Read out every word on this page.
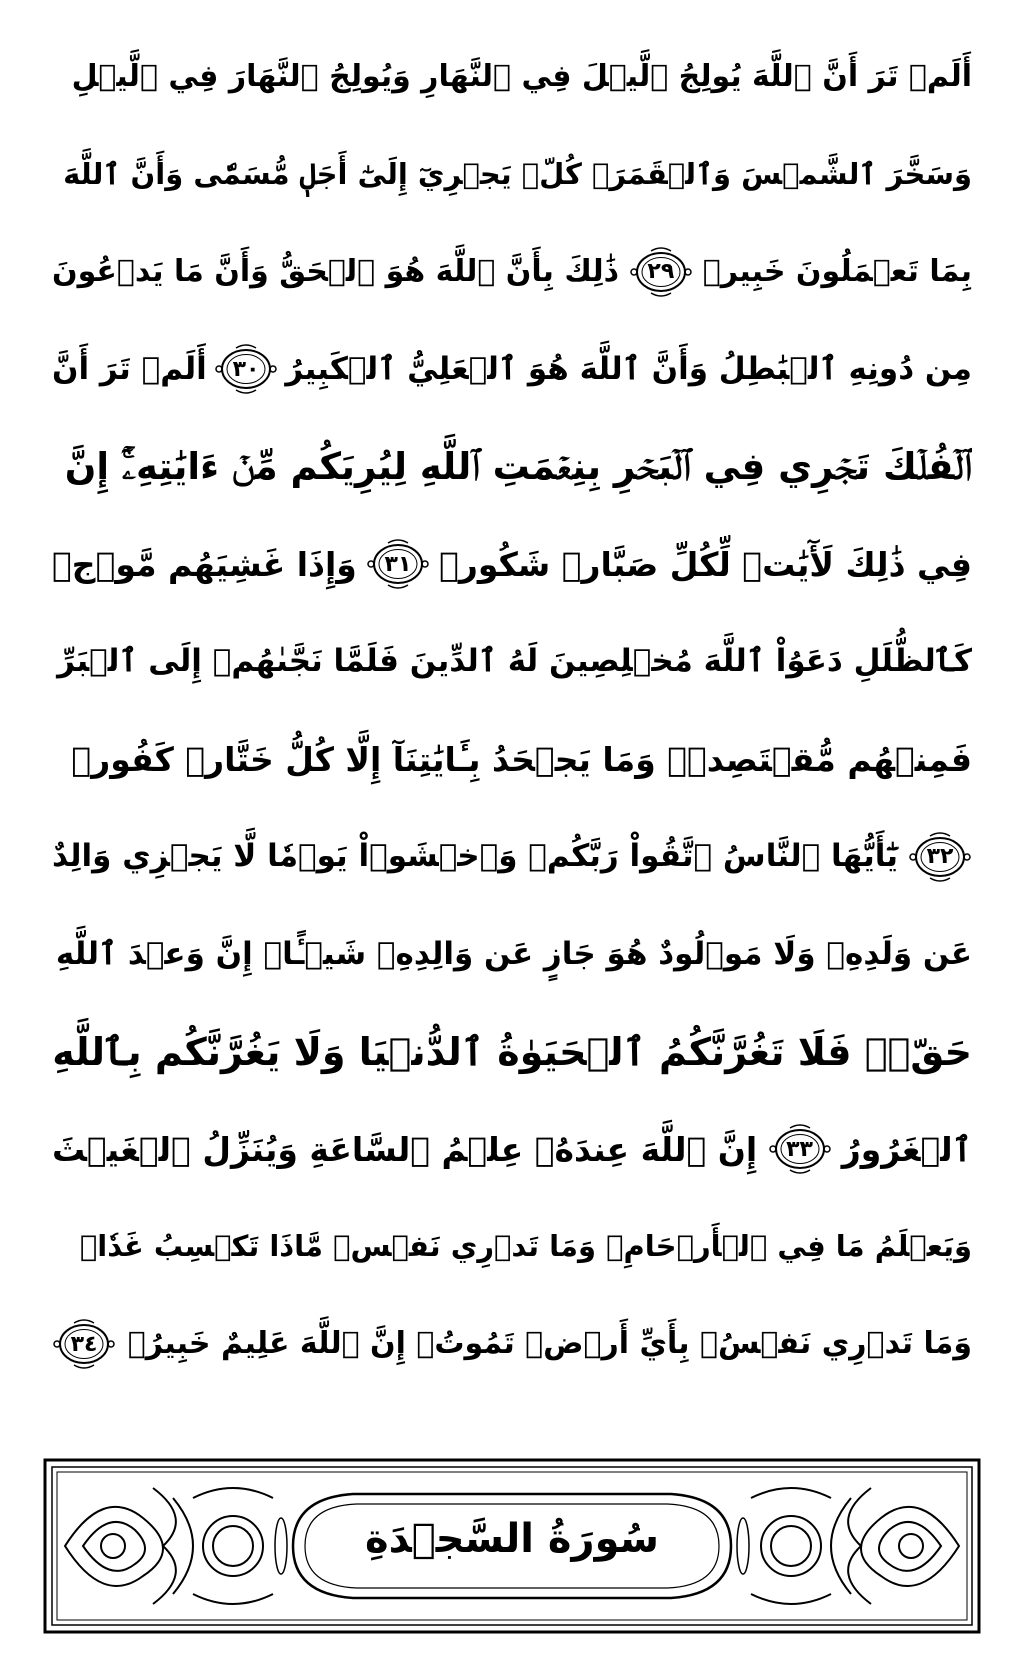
أَلَمۡ تَرَ أَنَّ ٱللَّهَ يُولِجُ ٱلَّيۡلَ فِي ٱلنَّهَارِ وَيُولِجُ ٱلنَّهَارَ فِي ٱلَّيۡلِ
وَسَخَّرَ ٱلشَّمۡسَ وَٱلۡقَمَرَۖ كُلّٞ يَجۡرِيٓ إِلَىٰٓ أَجَلٖ مُّسَمّٗى وَأَنَّ ٱللَّهَ
بِمَا تَعۡمَلُونَ خَبِيرٞ
٢٩
ذَٰلِكَ بِأَنَّ ٱللَّهَ هُوَ ٱلۡحَقُّ وَأَنَّ مَا يَدۡعُونَ
مِن دُونِهِ ٱلۡبَٰطِلُ وَأَنَّ ٱللَّهَ هُوَ ٱلۡعَلِيُّ ٱلۡكَبِيرُ
٣٠
أَلَمۡ تَرَ أَنَّ
ٱلۡفُلۡكَ تَجۡرِي فِي ٱلۡبَحۡرِ بِنِعۡمَتِ ٱللَّهِ لِيُرِيَكُم مِّنۡ ءَايَٰتِهِۦٓۚ إِنَّ
فِي ذَٰلِكَ لَأٓيَٰتٖ لِّكُلِّ صَبَّارٖ شَكُورٖ
٣١
وَإِذَا غَشِيَهُم مَّوۡجٞ
كَٱلظُّلَلِ دَعَوُاْ ٱللَّهَ مُخۡلِصِينَ لَهُ ٱلدِّينَ فَلَمَّا نَجَّىٰهُمۡ إِلَى ٱلۡبَرِّ
فَمِنۡهُم مُّقۡتَصِدٞۚ وَمَا يَجۡحَدُ بِـَٔايَٰتِنَآ إِلَّا كُلُّ خَتَّارٖ كَفُورٖ
٣٢
يَٰٓأَيُّهَا ٱلنَّاسُ ٱتَّقُواْ رَبَّكُمۡ وَٱخۡشَوۡاْ يَوۡمٗا لَّا يَجۡزِي وَالِدٌ
عَن وَلَدِهِۦ وَلَا مَوۡلُودٌ هُوَ جَازٍ عَن وَالِدِهِۦ شَيۡـًٔاۚ إِنَّ وَعۡدَ ٱللَّهِ
حَقّٞۖ فَلَا تَغُرَّنَّكُمُ ٱلۡحَيَوٰةُ ٱلدُّنۡيَا وَلَا يَغُرَّنَّكُم بِٱللَّهِ
ٱلۡغَرُورُ
٣٣
إِنَّ ٱللَّهَ عِندَهُۥ عِلۡمُ ٱلسَّاعَةِ وَيُنَزِّلُ ٱلۡغَيۡثَ
وَيَعۡلَمُ مَا فِي ٱلۡأَرۡحَامِۖ وَمَا تَدۡرِي نَفۡسٞ مَّاذَا تَكۡسِبُ غَدٗاۖ
وَمَا تَدۡرِي نَفۡسُۢ بِأَيِّ أَرۡضٖ تَمُوتُۚ إِنَّ ٱللَّهَ عَلِيمٌ خَبِيرُۢ
٣٤
سُورَةُ السَّجۡدَةِ
